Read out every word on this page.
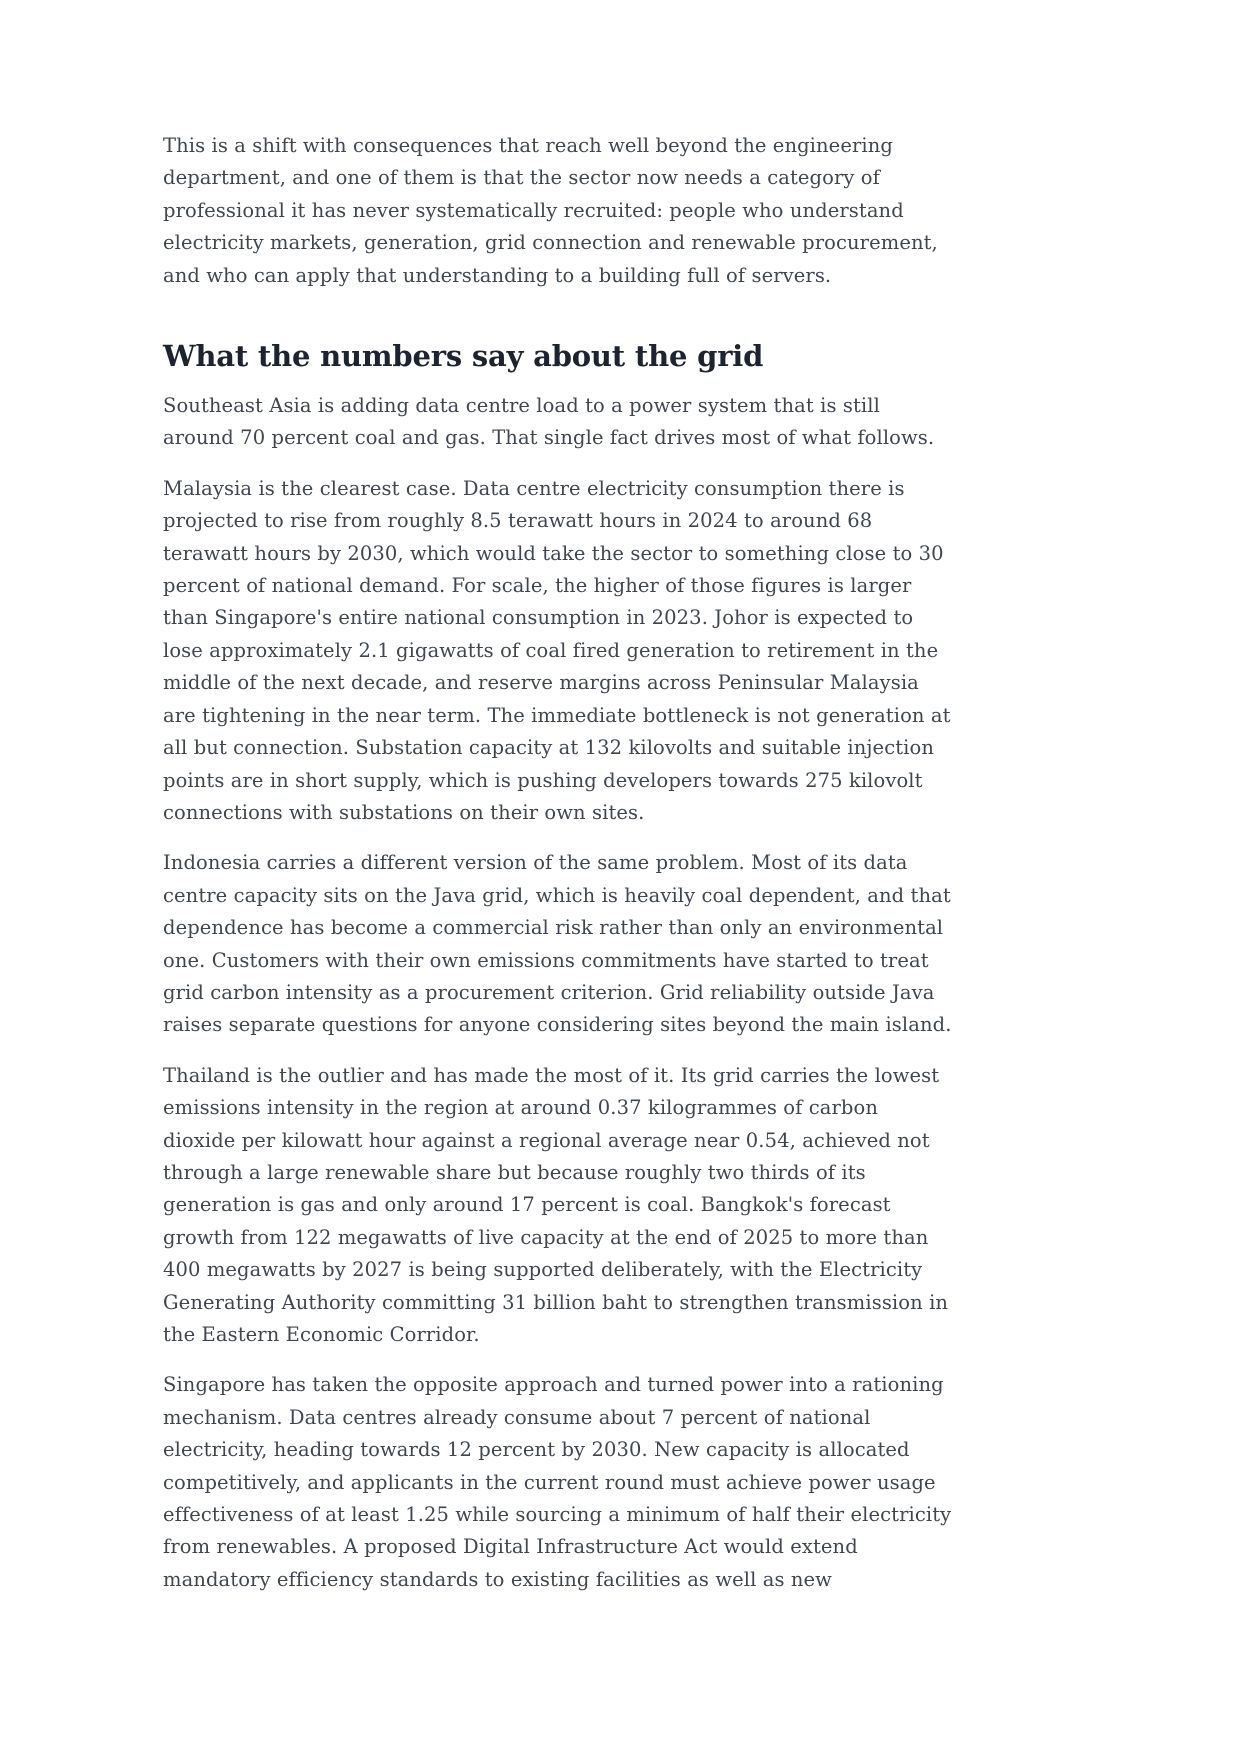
This is a shift with consequences that reach well beyond the engineering department, and one of them is that the sector now needs a category of professional it has never systematically recruited: people who understand electricity markets, generation, grid connection and renewable procurement, and who can apply that understanding to a building full of servers.

What the numbers say about the grid

Southeast Asia is adding data centre load to a power system that is still around 70 percent coal and gas. That single fact drives most of what follows.

Malaysia is the clearest case. Data centre electricity consumption there is projected to rise from roughly 8.5 terawatt hours in 2024 to around 68 terawatt hours by 2030, which would take the sector to something close to 30 percent of national demand. For scale, the higher of those figures is larger than Singapore's entire national consumption in 2023. Johor is expected to lose approximately 2.1 gigawatts of coal fired generation to retirement in the middle of the next decade, and reserve margins across Peninsular Malaysia are tightening in the near term. The immediate bottleneck is not generation at all but connection. Substation capacity at 132 kilovolts and suitable injection points are in short supply, which is pushing developers towards 275 kilovolt connections with substations on their own sites.

Indonesia carries a different version of the same problem. Most of its data centre capacity sits on the Java grid, which is heavily coal dependent, and that dependence has become a commercial risk rather than only an environmental one. Customers with their own emissions commitments have started to treat grid carbon intensity as a procurement criterion. Grid reliability outside Java raises separate questions for anyone considering sites beyond the main island.

Thailand is the outlier and has made the most of it. Its grid carries the lowest emissions intensity in the region at around 0.37 kilogrammes of carbon dioxide per kilowatt hour against a regional average near 0.54, achieved not through a large renewable share but because roughly two thirds of its generation is gas and only around 17 percent is coal. Bangkok's forecast growth from 122 megawatts of live capacity at the end of 2025 to more than 400 megawatts by 2027 is being supported deliberately, with the Electricity Generating Authority committing 31 billion baht to strengthen transmission in the Eastern Economic Corridor.

Singapore has taken the opposite approach and turned power into a rationing mechanism. Data centres already consume about 7 percent of national electricity, heading towards 12 percent by 2030. New capacity is allocated competitively, and applicants in the current round must achieve power usage effectiveness of at least 1.25 while sourcing a minimum of half their electricity from renewables. A proposed Digital Infrastructure Act would extend mandatory efficiency standards to existing facilities as well as new
